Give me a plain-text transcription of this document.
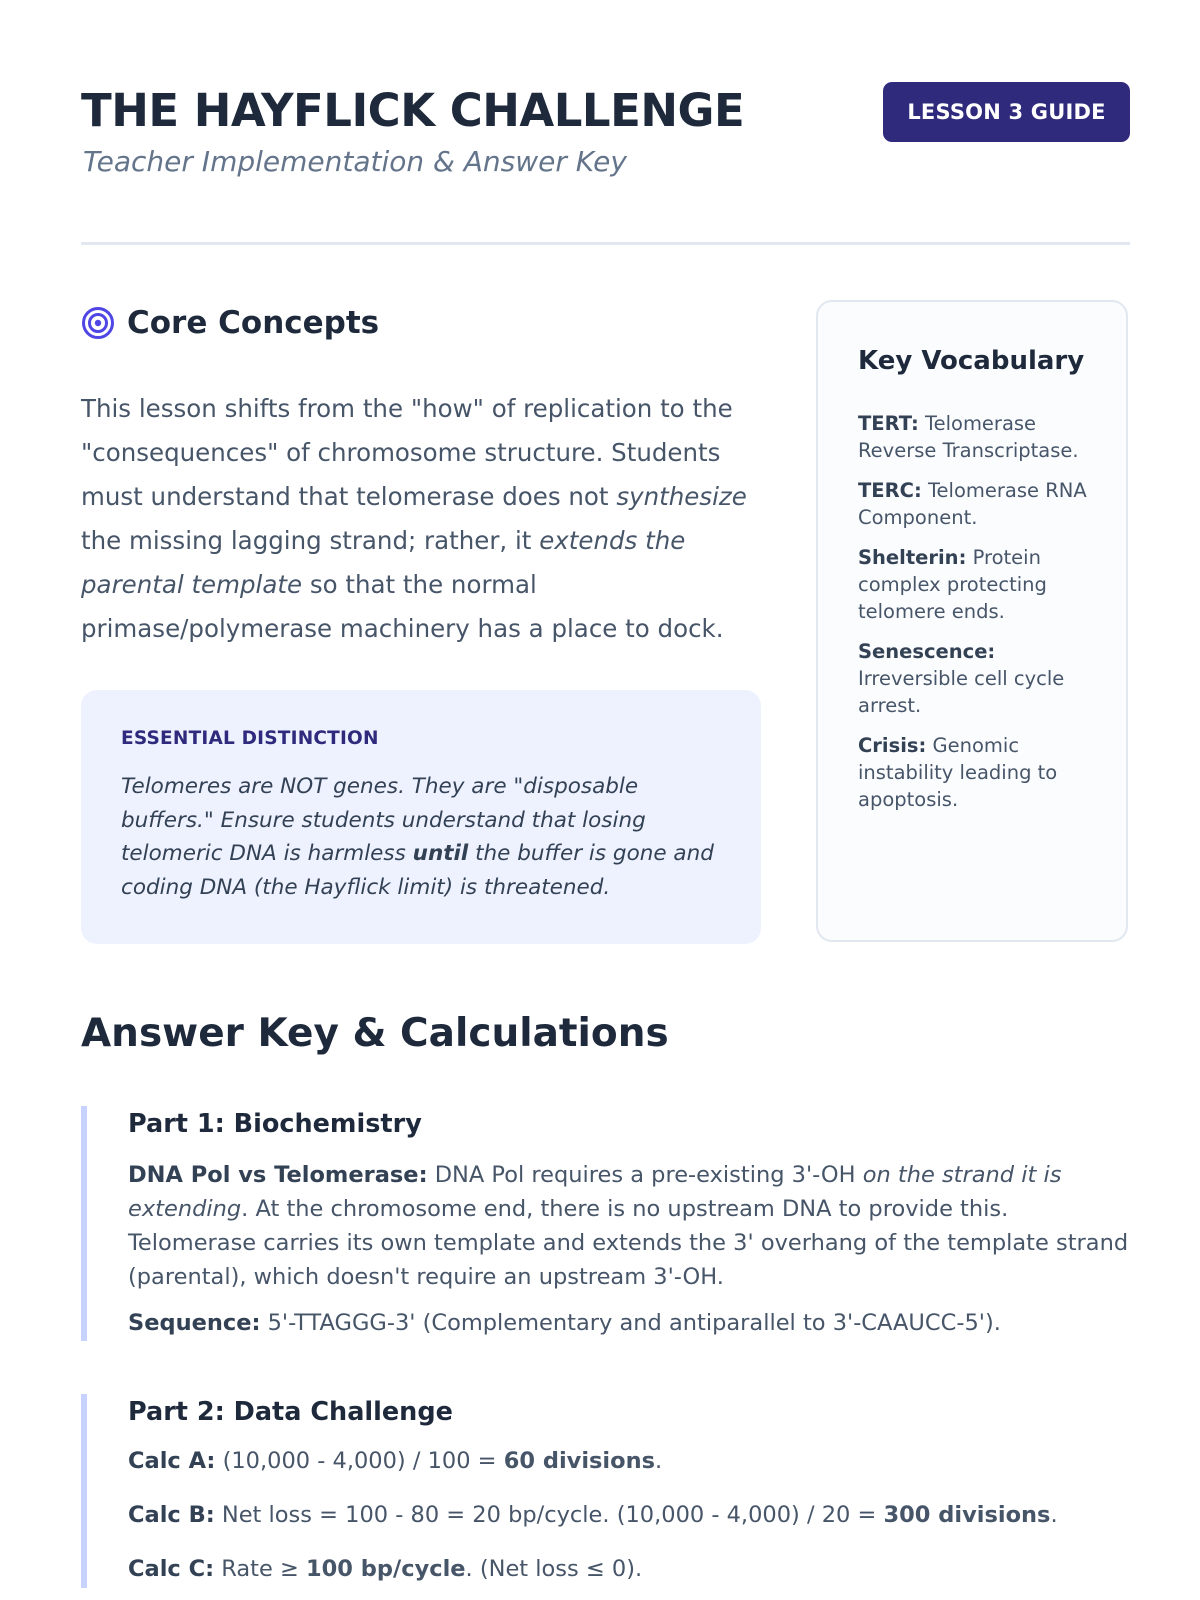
THE HAYFLICK CHALLENGE

Teacher Implementation & Answer Key

LESSON 3 GUIDE
Core Concepts

This lesson shifts from the "how" of replication to the "consequences" of chromosome structure. Students must understand that telomerase does not synthesize the missing lagging strand; rather, it extends the parental template so that the normal primase/polymerase machinery has a place to dock.

ESSENTIAL DISTINCTION

Telomeres are NOT genes. They are "disposable buffers." Ensure students understand that losing telomeric DNA is harmless until the buffer is gone and coding DNA (the Hayflick limit) is threatened.

Key Vocabulary

TERT: Telomerase Reverse Transcriptase.

TERC: Telomerase RNA Component.

Shelterin: Protein complex protecting telomere ends.

Senescence: Irreversible cell cycle arrest.

Crisis: Genomic instability leading to apoptosis.

Answer Key & Calculations
Part 1: Biochemistry
DNA Pol vs Telomerase: DNA Pol requires a pre-existing 3'-OH on the strand it is extending. At the chromosome end, there is no upstream DNA to provide this. Telomerase carries its own template and extends the 3' overhang of the template strand (parental), which doesn't require an upstream 3'-OH.
Sequence: 5'-TTAGGG-3' (Complementary and antiparallel to 3'-CAAUCC-5').
Part 2: Data Challenge
Calc A: (10,000 - 4,000) / 100 = 60 divisions.
Calc B: Net loss = 100 - 80 = 20 bp/cycle. (10,000 - 4,000) / 20 = 300 divisions.
Calc C: Rate ≥ 100 bp/cycle. (Net loss ≤ 0).
